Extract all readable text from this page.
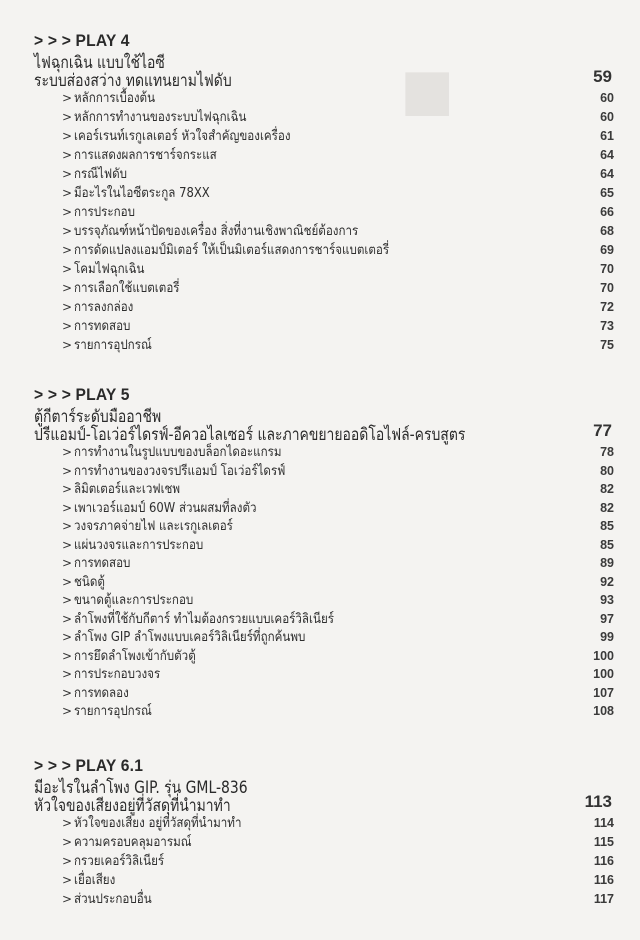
■
> > > PLAY 4
ไฟฉุกเฉิน แบบใช้ไอซี
ระบบส่องสว่าง ทดแทนยามไฟดับ	59
> หลักการเบื้องต้น	60
> หลักการทำงานของระบบไฟฉุกเฉิน	60
> เคอร์เรนท์เรกูเลเตอร์ หัวใจสำคัญของเครื่อง	61
> การแสดงผลการชาร์จกระแส	64
> กรณีไฟดับ	64
> มีอะไรในไอซีตระกูล 78XX	65
> การประกอบ	66
> บรรจุภัณฑ์หน้าปัดของเครื่อง สิ่งที่งานเชิงพาณิชย์ต้องการ	68
> การดัดแปลงแอมป์มิเตอร์ ให้เป็นมิเตอร์แสดงการชาร์จแบตเตอรี่	69
> โคมไฟฉุกเฉิน	70
> การเลือกใช้แบตเตอรี่	70
> การลงกล่อง	72
> การทดสอบ	73
> รายการอุปกรณ์	75
> > > PLAY 5
ตู้กีตาร์ระดับมืออาชีพ
ปรีแอมป์-โอเว่อร์ไดรฟ์-อีควอไลเซอร์ และภาคขยายออดิโอไฟล์-ครบสูตร	77
> การทำงานในรูปแบบของบล็อกไดอะแกรม	78
> การทำงานของวงจรปรีแอมป์ โอเว่อร์ไดรฟ์	80
> ลิมิตเตอร์และเวฟเชพ	82
> เพาเวอร์แอมป์ 60W ส่วนผสมที่ลงตัว	82
> วงจรภาคจ่ายไฟ และเรกูเลเตอร์	85
> แผ่นวงจรและการประกอบ	85
> การทดสอบ	89
> ชนิดตู้	92
> ขนาดตู้และการประกอบ	93
> ลำโพงที่ใช้กับกีตาร์ ทำไมต้องกรวยแบบเคอร์วิลิเนียร์	97
> ลำโพง GIP ลำโพงแบบเคอร์วิลิเนียร์ที่ถูกค้นพบ	99
> การยึดลำโพงเข้ากับตัวตู้	100
> การประกอบวงจร	100
> การทดลอง	107
> รายการอุปกรณ์	108
> > > PLAY 6.1
มีอะไรในลำโพง GIP. รุ่น GML-836
หัวใจของเสียงอยู่ที่วัสดุที่นำมาทำ	113
> หัวใจของเสียง อยู่ที่วัสดุที่นำมาทำ	114
> ความครอบคลุมอารมณ์	115
> กรวยเคอร์วิลิเนียร์	116
> เยื่อเสียง	116
> ส่วนประกอบอื่น	117
